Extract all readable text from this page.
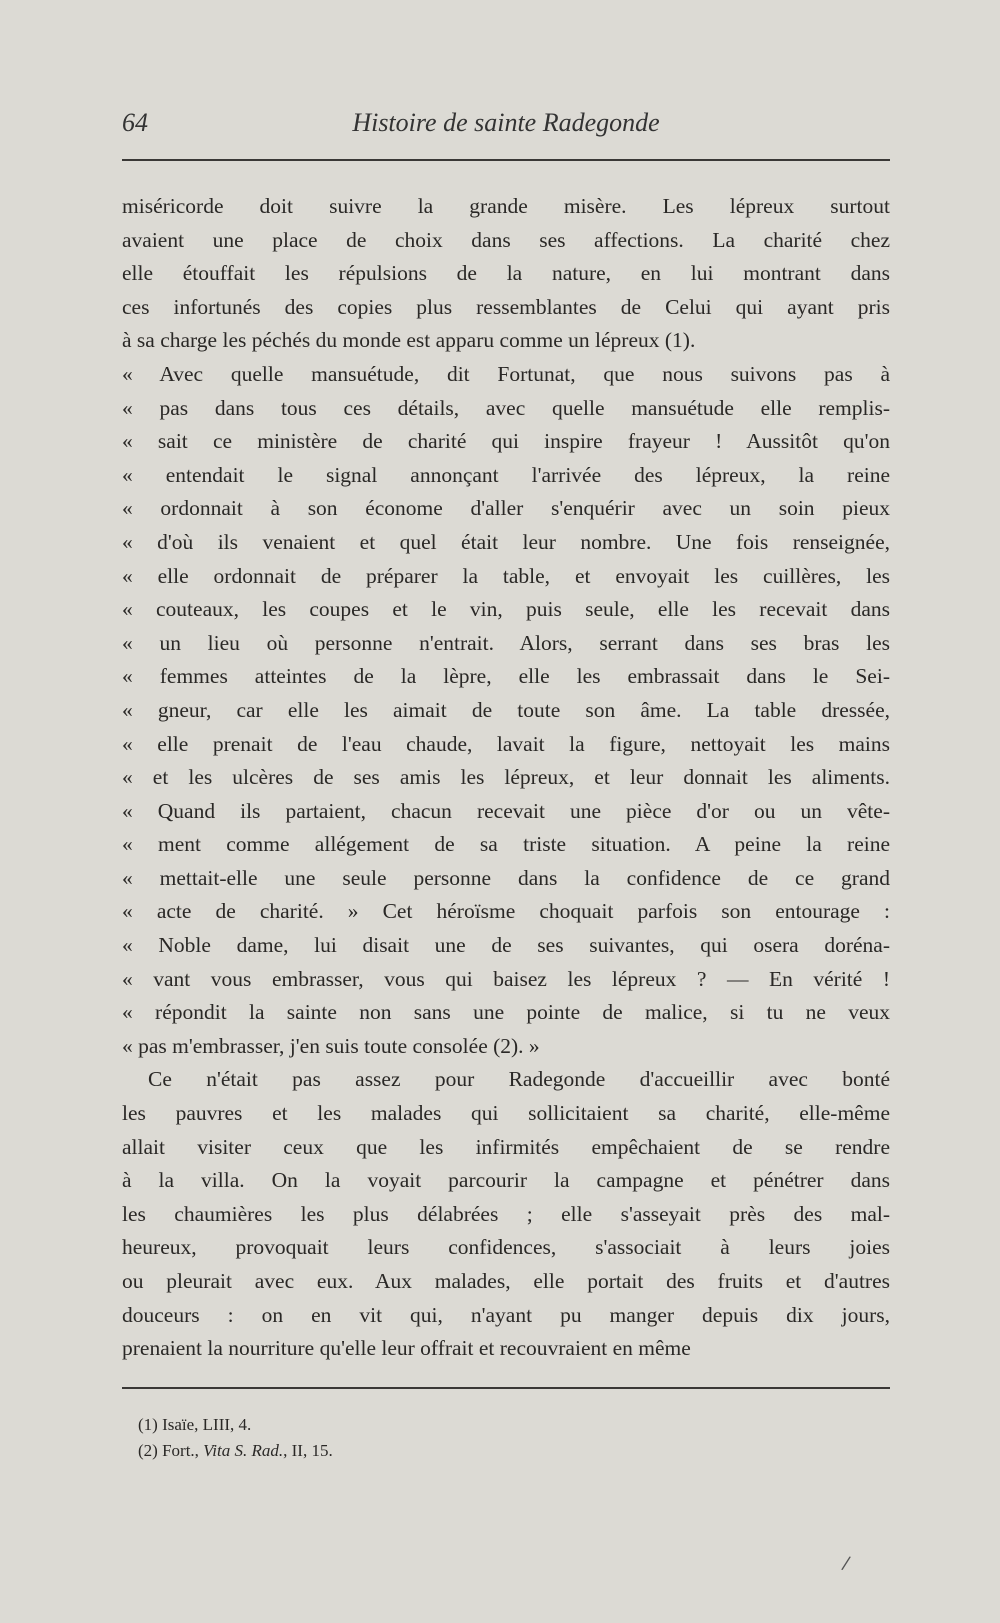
64	Histoire de sainte Radegonde
miséricorde doit suivre la grande misère. Les lépreux surtout
avaient une place de choix dans ses affections. La charité chez
elle étouffait les répulsions de la nature, en lui montrant dans
ces infortunés des copies plus ressemblantes de Celui qui ayant pris
à sa charge les péchés du monde est apparu comme un lépreux (1).
« Avec quelle mansuétude, dit Fortunat, que nous suivons pas à
« pas dans tous ces détails, avec quelle mansuétude elle remplis-
« sait ce ministère de charité qui inspire frayeur ! Aussitôt qu'on
« entendait le signal annonçant l'arrivée des lépreux, la reine
« ordonnait à son économe d'aller s'enquérir avec un soin pieux
« d'où ils venaient et quel était leur nombre. Une fois renseignée,
« elle ordonnait de préparer la table, et envoyait les cuillères, les
« couteaux, les coupes et le vin, puis seule, elle les recevait dans
« un lieu où personne n'entrait. Alors, serrant dans ses bras les
« femmes atteintes de la lèpre, elle les embrassait dans le Sei-
« gneur, car elle les aimait de toute son âme. La table dressée,
« elle prenait de l'eau chaude, lavait la figure, nettoyait les mains
« et les ulcères de ses amis les lépreux, et leur donnait les aliments.
« Quand ils partaient, chacun recevait une pièce d'or ou un vête-
« ment comme allégement de sa triste situation. A peine la reine
« mettait-elle une seule personne dans la confidence de ce grand
« acte de charité. » Cet héroïsme choquait parfois son entourage :
« Noble dame, lui disait une de ses suivantes, qui osera doréna-
« vant vous embrasser, vous qui baisez les lépreux ? — En vérité !
« répondit la sainte non sans une pointe de malice, si tu ne veux
« pas m'embrasser, j'en suis toute consolée (2). »
Ce n'était pas assez pour Radegonde d'accueillir avec bonté
les pauvres et les malades qui sollicitaient sa charité, elle-même
allait visiter ceux que les infirmités empêchaient de se rendre
à la villa. On la voyait parcourir la campagne et pénétrer dans
les chaumières les plus délabrées ; elle s'asseyait près des mal-
heureux, provoquait leurs confidences, s'associait à leurs joies
ou pleurait avec eux. Aux malades, elle portait des fruits et d'autres
douceurs : on en vit qui, n'ayant pu manger depuis dix jours,
prenaient la nourriture qu'elle leur offrait et recouvraient en même
(1) Isaïe, LIII, 4.
(2) Fort., Vita S. Rad., II, 15.
/
